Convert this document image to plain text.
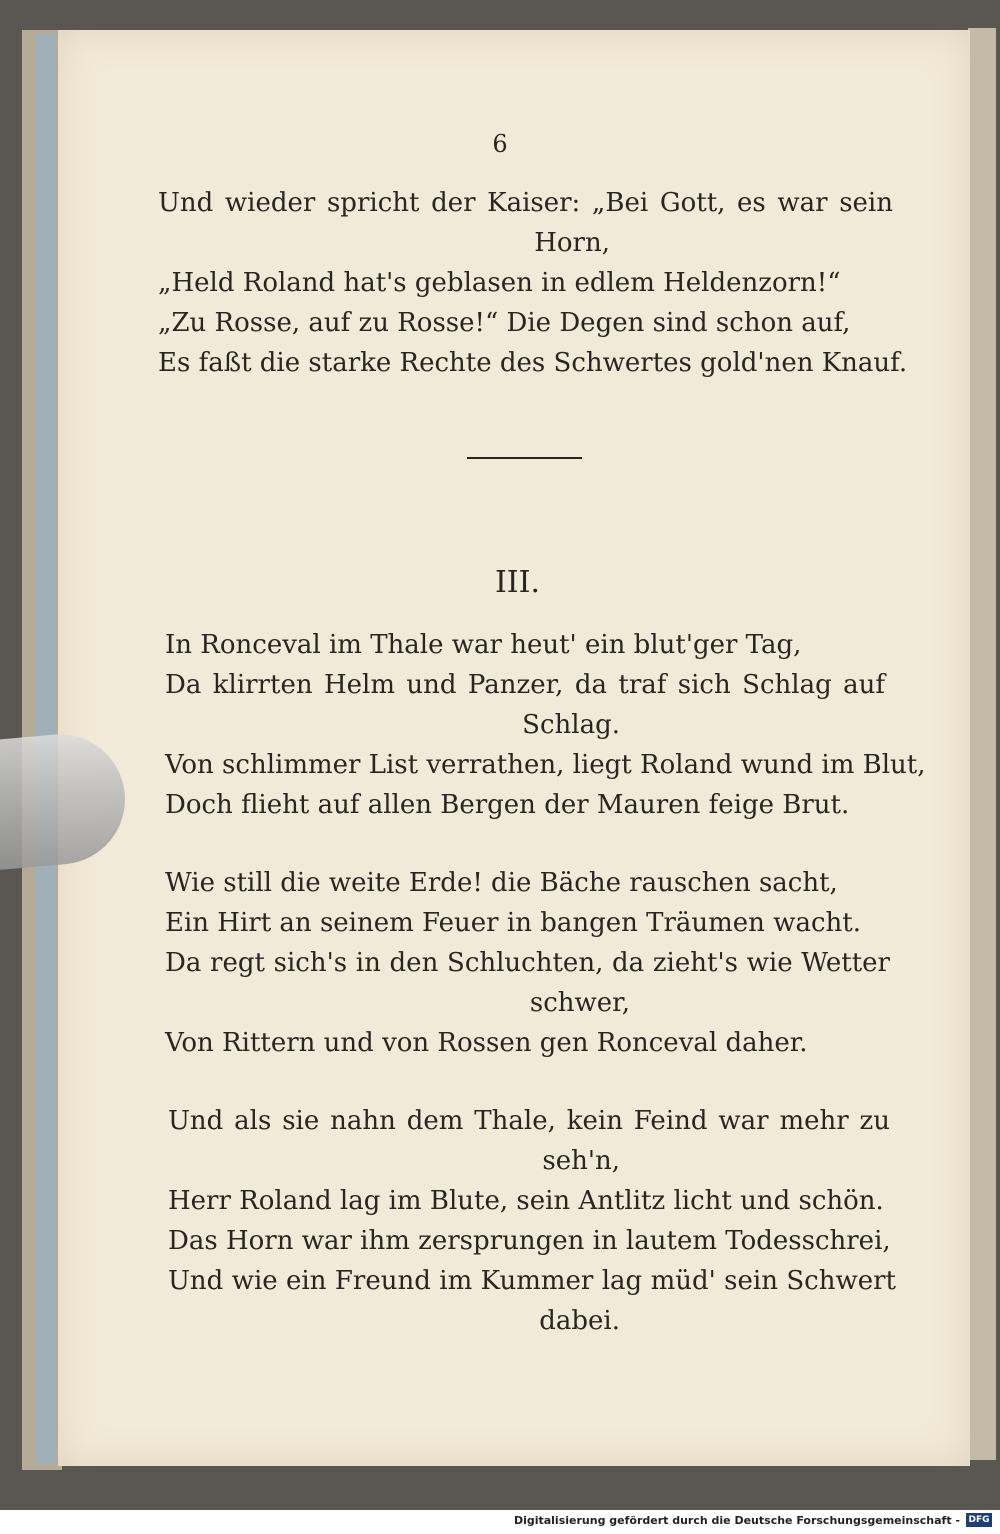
6
Und wieder spricht der Kaiser: „Bei Gott, es war sein
Horn,
„Held Roland hat's geblasen in edlem Heldenzorn!“
„Zu Rosse, auf zu Rosse!“ Die Degen sind schon auf,
Es faßt die starke Rechte des Schwertes gold'nen Knauf.
III.
In Ronceval im Thale war heut' ein blut'ger Tag,
Da klirrten Helm und Panzer, da traf sich Schlag auf
Schlag.
Von schlimmer List verrathen, liegt Roland wund im Blut,
Doch flieht auf allen Bergen der Mauren feige Brut.
Wie still die weite Erde! die Bäche rauschen sacht,
Ein Hirt an seinem Feuer in bangen Träumen wacht.
Da regt sich's in den Schluchten, da zieht's wie Wetter
schwer,
Von Rittern und von Rossen gen Ronceval daher.
Und als sie nahn dem Thale, kein Feind war mehr zu
seh'n,
Herr Roland lag im Blute, sein Antlitz licht und schön.
Das Horn war ihm zersprungen in lautem Todesschrei,
Und wie ein Freund im Kummer lag müd' sein Schwert
dabei.
Digitalisierung gefördert durch die Deutsche Forschungsgemeinschaft - DFG
